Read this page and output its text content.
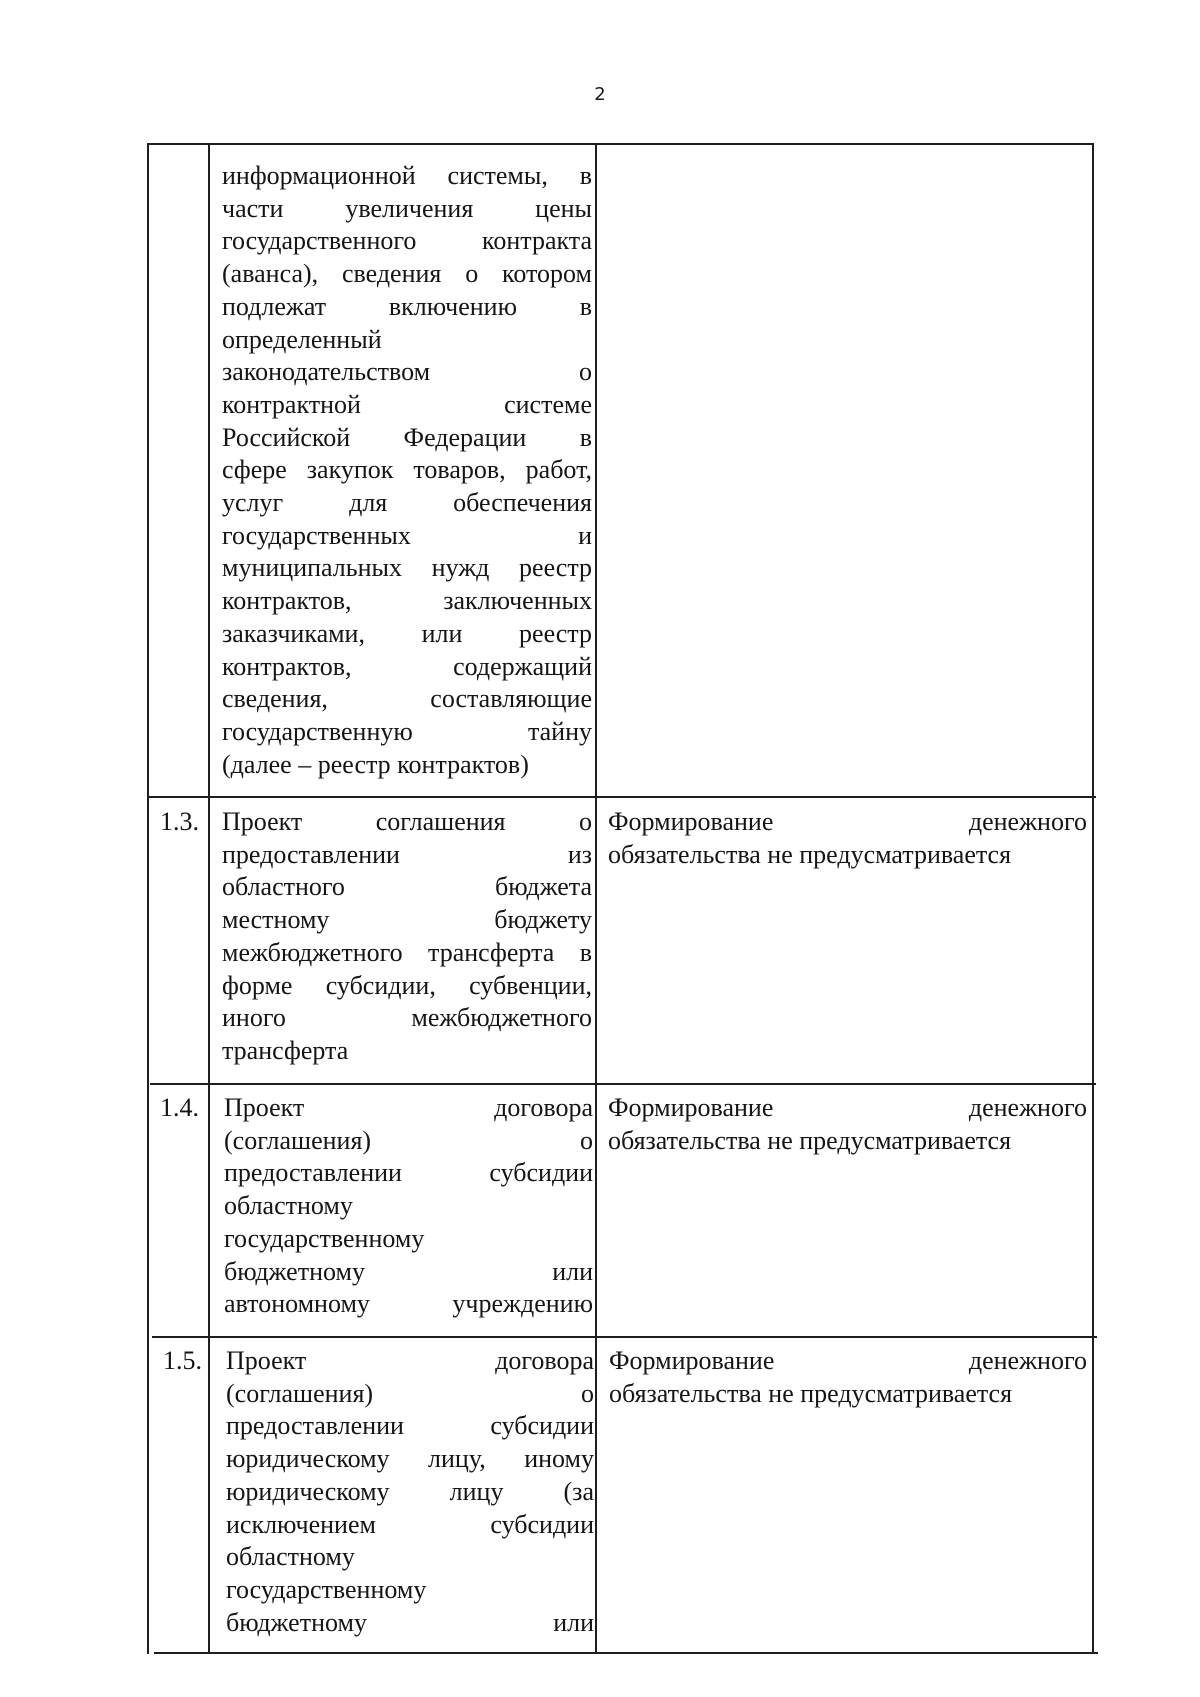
2
информационной системы, в
части увеличения цены
государственного контракта
(аванса), сведения о котором
подлежат включению в
определенный
законодательством о
контрактной системе
Российской Федерации в
сфере закупок товаров, работ,
услуг для обеспечения
государственных и
муниципальных нужд реестр
контрактов, заключенных
заказчиками, или реестр
контрактов, содержащий
сведения, составляющие
государственную тайну
(далее – реестр контрактов)
1.3. Проект соглашения о
предоставлении из
областного бюджета
местному бюджету
межбюджетного трансферта в
форме субсидии, субвенции,
иного межбюджетного
трансферта
Формирование денежного
обязательства не предусматривается
1.4. Проект договора
(соглашения) о
предоставлении субсидии
областному
государственному
бюджетному или
автономному учреждению
Формирование денежного
обязательства не предусматривается
1.5. Проект договора
(соглашения) о
предоставлении субсидии
юридическому лицу, иному
юридическому лицу (за
исключением субсидии
областному
государственному
бюджетному или
Формирование денежного
обязательства не предусматривается
